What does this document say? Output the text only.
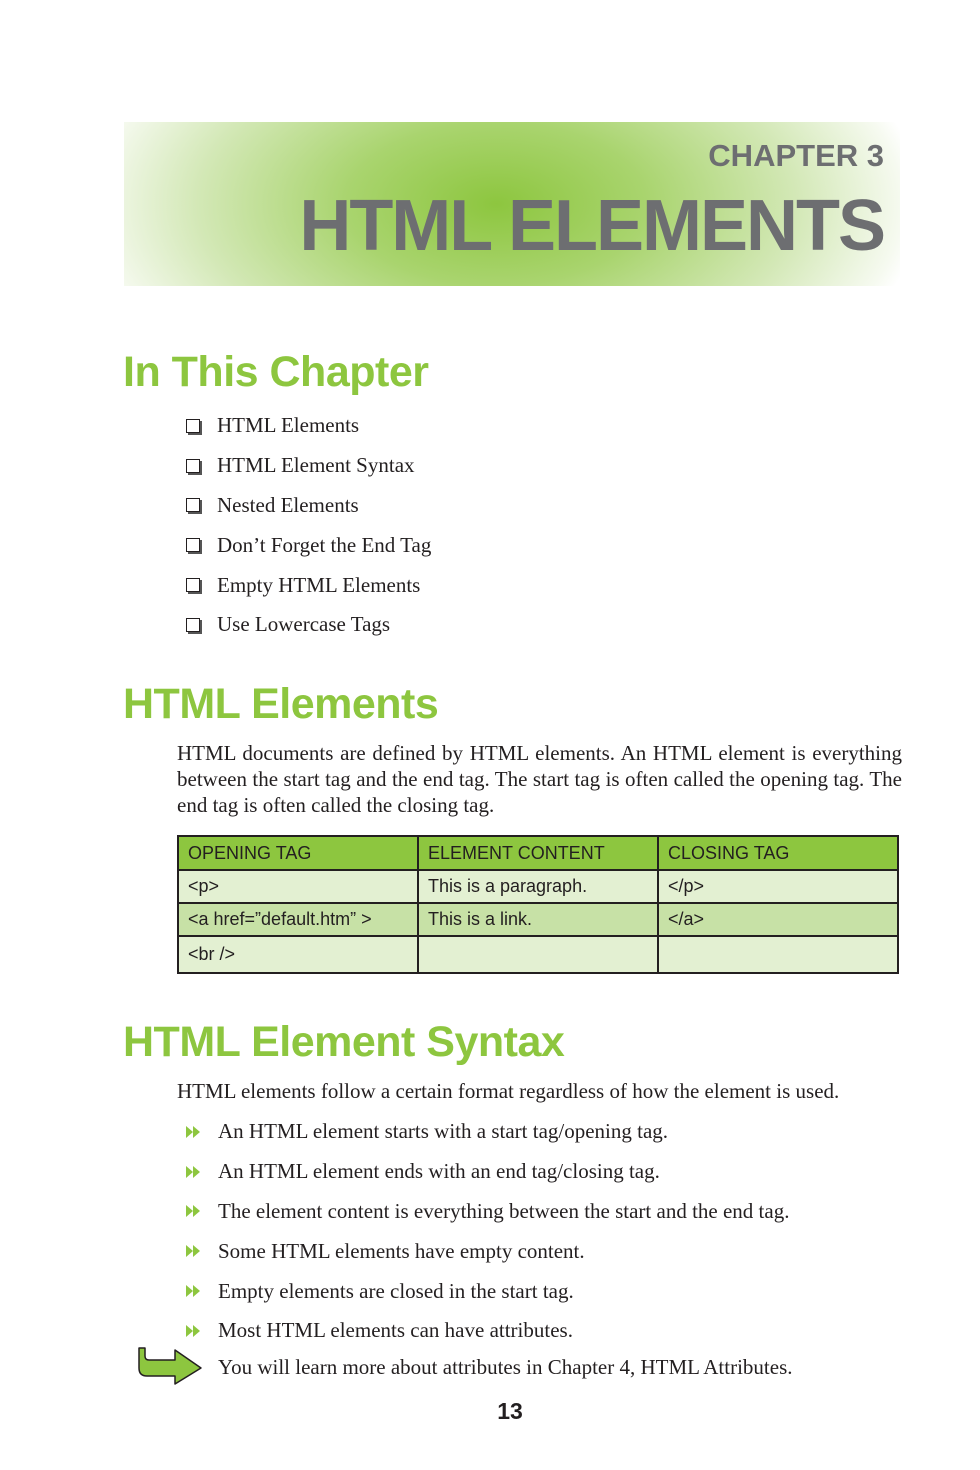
CHAPTER 3
HTML ELEMENTS
In This Chapter
HTML Elements
HTML Element Syntax
Nested Elements
Don’t Forget the End Tag
Empty HTML Elements
Use Lowercase Tags
HTML Elements
HTML documents are defined by HTML elements. An HTML element is everything between the start tag and the end tag. The start tag is often called the opening tag. The end tag is often called the closing tag.
OPENING TAG	ELEMENT CONTENT	CLOSING TAG
<p>	This is a paragraph.	</p>
<a href=”default.htm” >	This is a link.	</a>
<br />		
HTML Element Syntax
HTML elements follow a certain format regardless of how the element is used.
An HTML element starts with a start tag/opening tag.
An HTML element ends with an end tag/closing tag.
The element content is everything between the start and the end tag.
Some HTML elements have empty content.
Empty elements are closed in the start tag.
Most HTML elements can have attributes.
You will learn more about attributes in Chapter 4, HTML Attributes.
13
